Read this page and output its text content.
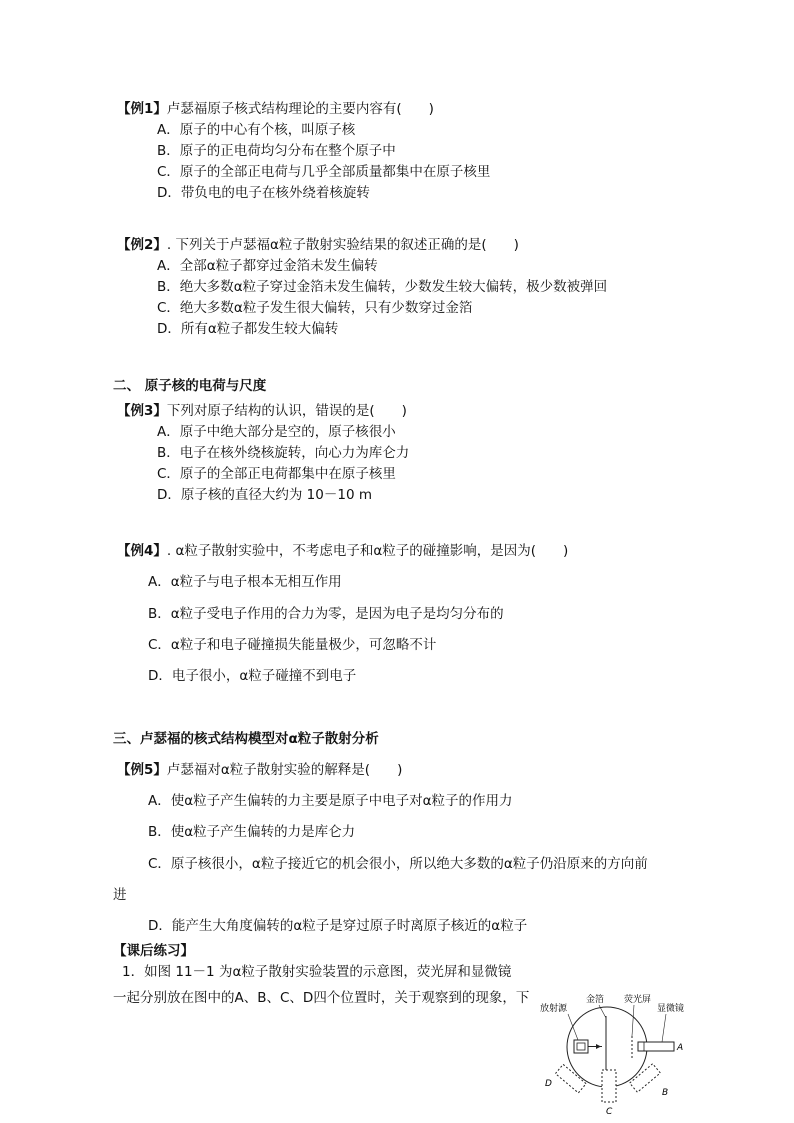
【例1】卢瑟福原子核式结构理论的主要内容有(　　)
A．原子的中心有个核，叫原子核
B．原子的正电荷均匀分布在整个原子中
C．原子的全部正电荷与几乎全部质量都集中在原子核里
D．带负电的电子在核外绕着核旋转
【例2】. 下列关于卢瑟福α粒子散射实验结果的叙述正确的是(　　)
A．全部α粒子都穿过金箔未发生偏转
B．绝大多数α粒子穿过金箔未发生偏转，少数发生较大偏转，极少数被弹回
C．绝大多数α粒子发生很大偏转，只有少数穿过金箔
D．所有α粒子都发生较大偏转
二、 原子核的电荷与尺度
【例3】下列对原子结构的认识，错误的是(　　)
A．原子中绝大部分是空的，原子核很小
B．电子在核外绕核旋转，向心力为库仑力
C．原子的全部正电荷都集中在原子核里
D．原子核的直径大约为 10－10 m
【例4】. α粒子散射实验中，不考虑电子和α粒子的碰撞影响，是因为(　　)
A．α粒子与电子根本无相互作用
B．α粒子受电子作用的合力为零，是因为电子是均匀分布的
C．α粒子和电子碰撞损失能量极少，可忽略不计
D．电子很小，α粒子碰撞不到电子
三、卢瑟福的核式结构模型对α粒子散射分析
【例5】卢瑟福对α粒子散射实验的解释是(　　)
A．使α粒子产生偏转的力主要是原子中电子对α粒子的作用力
B．使α粒子产生偏转的力是库仑力
C．原子核很小，α粒子接近它的机会很小，所以绝大多数的α粒子仍沿原来的方向前
进
D．能产生大角度偏转的α粒子是穿过原子时离原子核近的α粒子
【课后练习】
1．如图 11－1 为α粒子散射实验装置的示意图，荧光屏和显微镜
一起分别放在图中的A、B、C、D四个位置时，关于观察到的现象，下
放射源
金箔 荧光屏
显微镜
A
B
C
D
